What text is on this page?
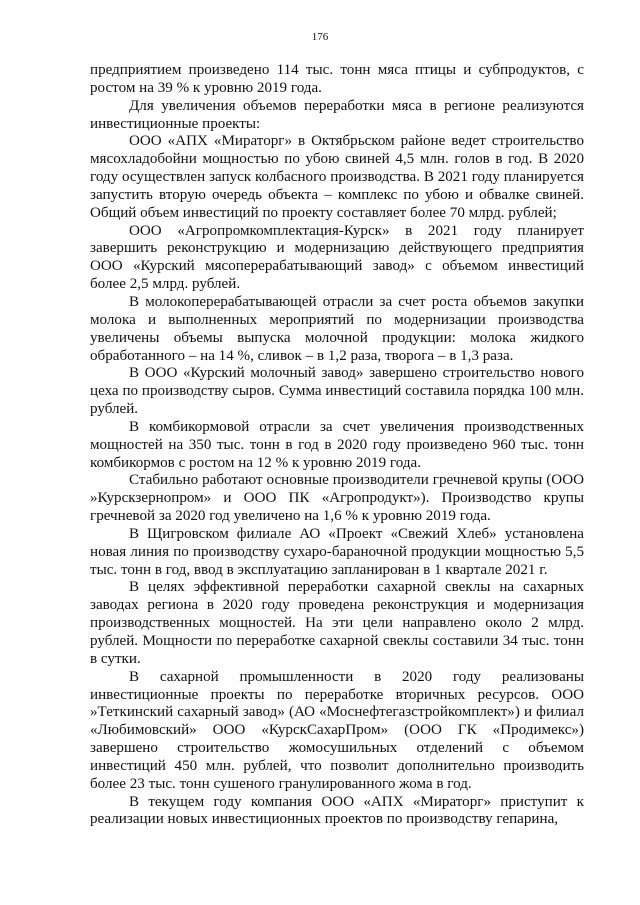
176

предприятием произведено 114 тыс. тонн мяса птицы и субпродуктов, с ростом на 39 % к уровню 2019 года.

Для увеличения объемов переработки мяса в регионе реализуются инвестиционные проекты:

ООО «АПХ «Мираторг» в Октябрьском районе ведет строительство мясохладобойни мощностью по убою свиней 4,5 млн. голов в год. В 2020 году осуществлен запуск колбасного производства. В 2021 году планируется запустить вторую очередь объекта – комплекс по убою и обвалке свиней. Общий объем инвестиций по проекту составляет более 70 млрд. рублей;

ООО «Агропромкомплектация-Курск» в 2021 году планирует завершить реконструкцию и модернизацию действующего предприятия ООО «Курский мясоперерабатывающий завод» с объемом инвестиций более 2,5 млрд. рублей.

В молокоперерабатывающей отрасли за счет роста объемов закупки молока и выполненных мероприятий по модернизации производства увеличены объемы выпуска молочной продукции: молока жидкого обработанного – на 14 %, сливок – в 1,2 раза, творога – в 1,3 раза.

В ООО «Курский молочный завод» завершено строительство нового цеха по производству сыров. Сумма инвестиций составила порядка 100 млн. рублей.

В комбикормовой отрасли за счет увеличения производственных мощностей на 350 тыс. тонн в год в 2020 году произведено 960 тыс. тонн комбикормов с ростом на 12 % к уровню 2019 года.

Стабильно работают основные производители гречневой крупы (ООО »Курскзернопром» и ООО ПК «Агропродукт»). Производство крупы гречневой за 2020 год увеличено на 1,6 % к уровню 2019 года.

В Щигровском филиале АО «Проект «Свежий Хлеб» установлена новая линия по производству сухаро-бараночной продукции мощностью 5,5 тыс. тонн в год, ввод в эксплуатацию запланирован в 1 квартале 2021 г.

В целях эффективной переработки сахарной свеклы на сахарных заводах региона в 2020 году проведена реконструкция и модернизация производственных мощностей. На эти цели направлено около 2 млрд. рублей. Мощности по переработке сахарной свеклы составили 34 тыс. тонн в сутки.

В сахарной промышленности в 2020 году реализованы инвестиционные проекты по переработке вторичных ресурсов. ООО »Теткинский сахарный завод» (АО «Моснефтегазстройкомплект») и филиал «Любимовский» ООО «КурскСахарПром» (ООО ГК «Продимекс») завершено строительство жомосушильных отделений с объемом инвестиций 450 млн. рублей, что позволит дополнительно производить более 23 тыс. тонн сушеного гранулированного жома в год.

В текущем году компания ООО «АПХ «Мираторг» приступит к реализации новых инвестиционных проектов по производству гепарина,
